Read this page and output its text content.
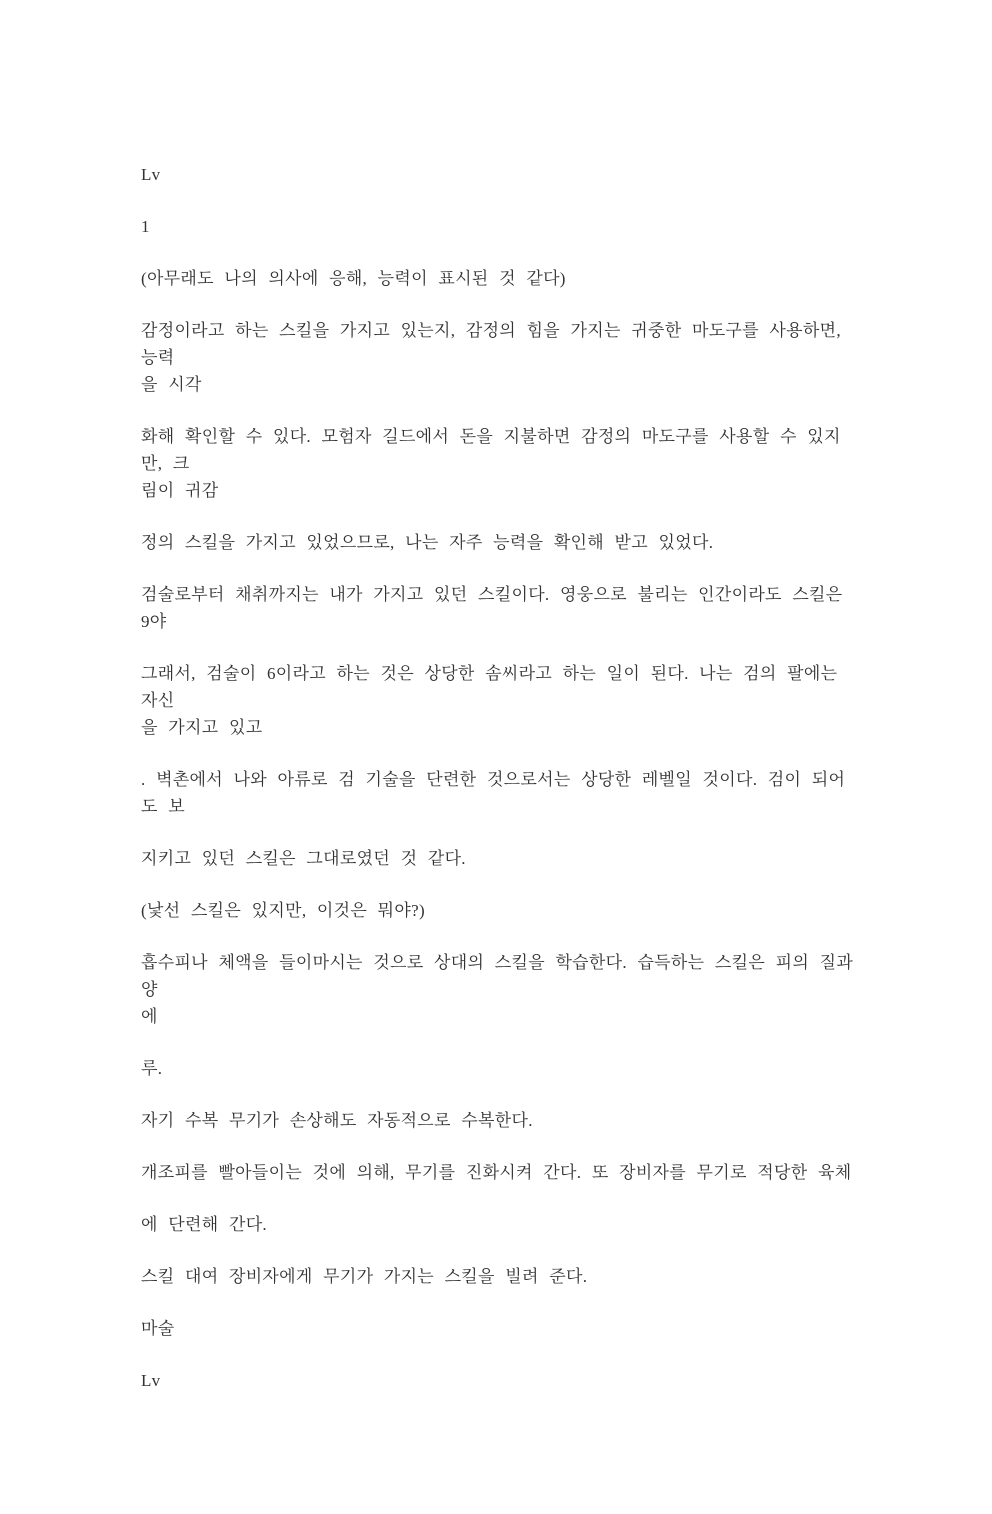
Lv

1

(아무래도 나의 의사에 응해, 능력이 표시된 것 같다)

감정이라고 하는 스킬을 가지고 있는지, 감정의 힘을 가지는 귀중한 마도구를 사용하면, 능력
을 시각

화해 확인할 수 있다. 모험자 길드에서 돈을 지불하면 감정의 마도구를 사용할 수 있지만, 크
림이 귀감

정의 스킬을 가지고 있었으므로, 나는 자주 능력을 확인해 받고 있었다.

검술로부터 채취까지는 내가 가지고 있던 스킬이다. 영웅으로 불리는 인간이라도 스킬은 9야

그래서, 검술이 6이라고 하는 것은 상당한 솜씨라고 하는 일이 된다. 나는 검의 팔에는 자신
을 가지고 있고

. 벽촌에서 나와 아류로 검 기술을 단련한 것으로서는 상당한 레벨일 것이다. 검이 되어도 보

지키고 있던 스킬은 그대로였던 것 같다.

(낯선 스킬은 있지만, 이것은 뭐야?)

흡수피나 체액을 들이마시는 것으로 상대의 스킬을 학습한다. 습득하는 스킬은 피의 질과 양
에

루.

자기 수복 무기가 손상해도 자동적으로 수복한다.

개조피를 빨아들이는 것에 의해, 무기를 진화시켜 간다. 또 장비자를 무기로 적당한 육체

에 단련해 간다.

스킬 대여 장비자에게 무기가 가지는 스킬을 빌려 준다.

마술

Lv
